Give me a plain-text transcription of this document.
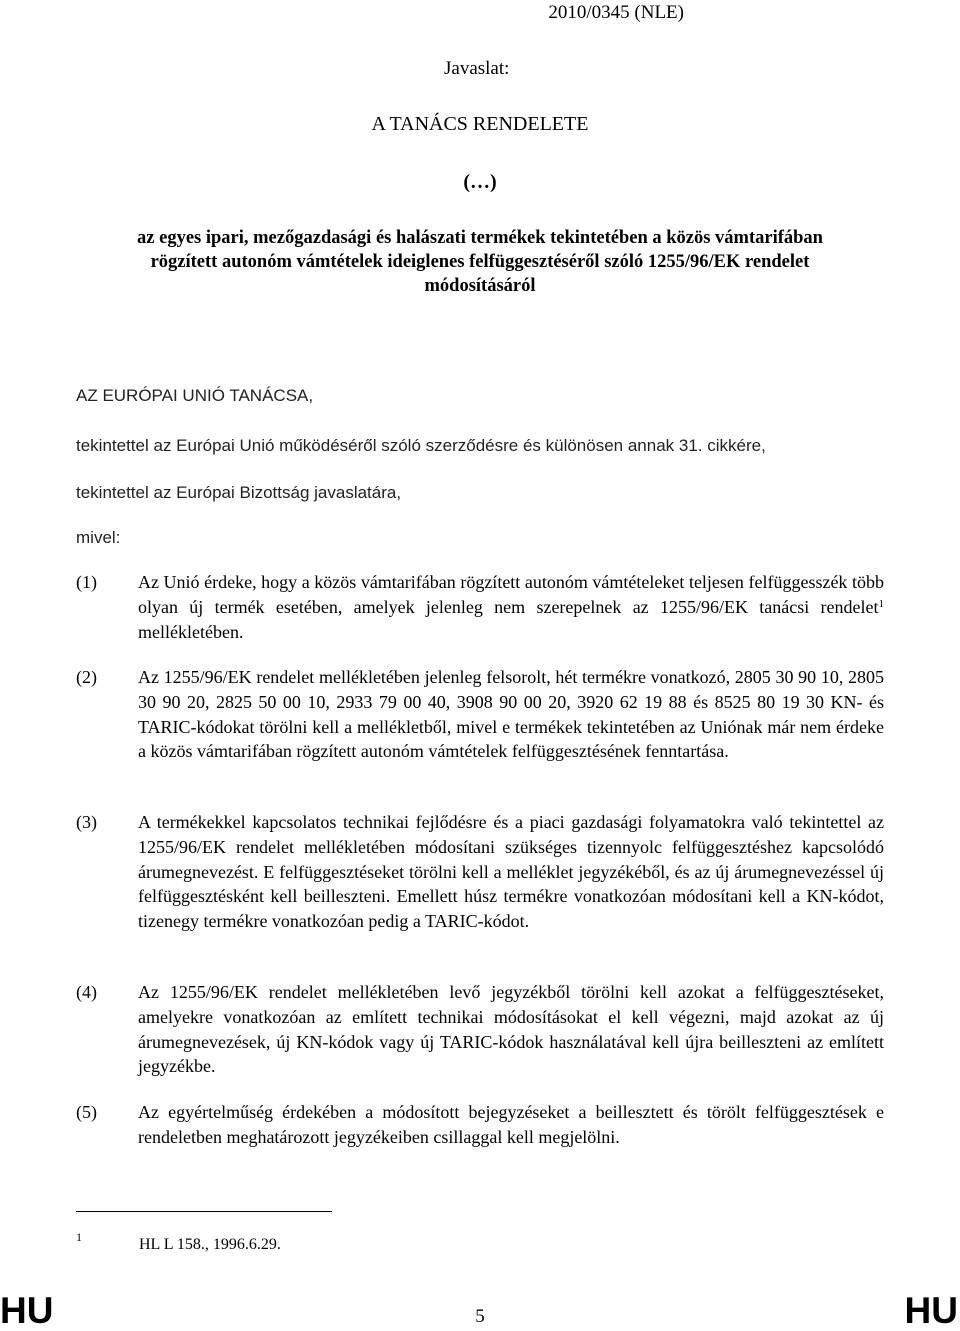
2010/0345 (NLE)
Javaslat:
A TANÁCS RENDELETE
(…)
az egyes ipari, mezőgazdasági és halászati termékek tekintetében a közös vámtarifában
rögzített autonóm vámtételek ideiglenes felfüggesztéséről szóló 1255/96/EK rendelet
módosításáról
AZ EURÓPAI UNIÓ TANÁCSA,
tekintettel az Európai Unió működéséről szóló szerződésre és különösen annak 31. cikkére,
tekintettel az Európai Bizottság javaslatára,
mivel:
(1)	Az Unió érdeke, hogy a közös vámtarifában rögzített autonóm vámtételeket teljesen felfüggesszék több olyan új termék esetében, amelyek jelenleg nem szerepelnek az 1255/96/EK tanácsi rendelet$^1$ mellékletében.
(2)	Az 1255/96/EK rendelet mellékletében jelenleg felsorolt, hét termékre vonatkozó, 2805 30 90 10, 2805 30 90 20, 2825 50 00 10, 2933 79 00 40, 3908 90 00 20, 3920 62 19 88 és 8525 80 19 30 KN- és TARIC-kódokat törölni kell a mellékletből, mivel e termékek tekintetében az Uniónak már nem érdeke a közös vámtarifában rögzített autonóm vámtételek felfüggesztésének fenntartása.
(3)	A termékekkel kapcsolatos technikai fejlődésre és a piaci gazdasági folyamatokra való tekintettel az 1255/96/EK rendelet mellékletében módosítani szükséges tizennyolc felfüggesztéshez kapcsolódó árumegnevezést. E felfüggesztéseket törölni kell a melléklet jegyzékéből, és az új árumegnevezéssel új felfüggesztésként kell beilleszteni. Emellett húsz termékre vonatkozóan módosítani kell a KN-kódot, tizenegy termékre vonatkozóan pedig a TARIC-kódot.
(4)	Az 1255/96/EK rendelet mellékletében levő jegyzékből törölni kell azokat a felfüggesztéseket, amelyekre vonatkozóan az említett technikai módosításokat el kell végezni, majd azokat az új árumegnevezések, új KN-kódok vagy új TARIC-kódok használatával kell újra beilleszteni az említett jegyzékbe.
(5)	Az egyértelműség érdekében a módosított bejegyzéseket a beillesztett és törölt felfüggesztések e rendeletben meghatározott jegyzékeiben csillaggal kell megjelölni.
1	HL L 158., 1996.6.29.
HU	5	HU
